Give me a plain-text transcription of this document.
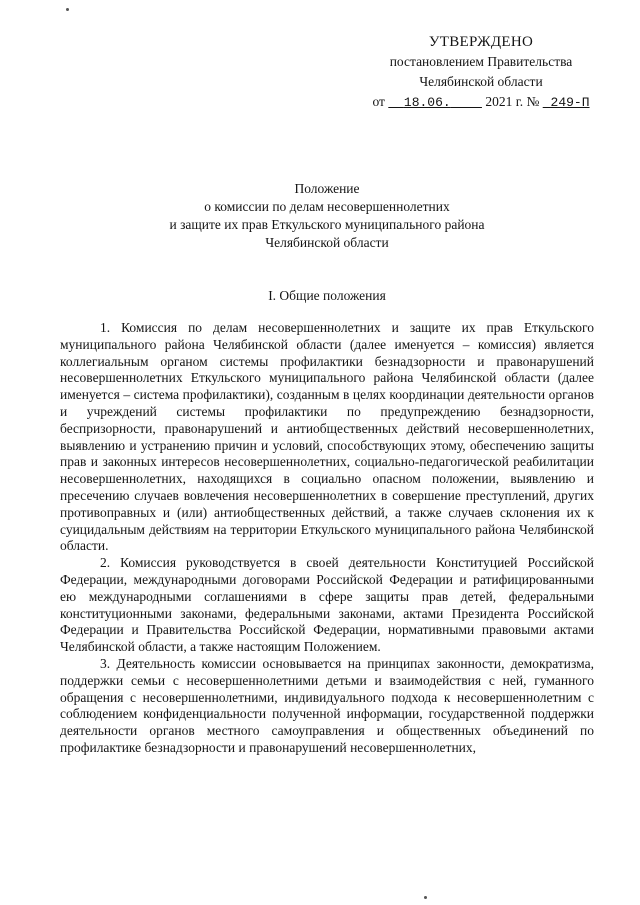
УТВЕРЖДЕНО
постановлением Правительства
Челябинской области
от 18.06.	2021 г. № 249-П
Положение
о комиссии по делам несовершеннолетних
и защите их прав Еткульского муниципального района
Челябинской области
I. Общие положения

1. Комиссия по делам несовершеннолетних и защите их прав Еткульского муниципального района Челябинской области (далее именуется – комиссия) является коллегиальным органом системы профилактики безнадзорности и правонарушений несовершеннолетних Еткульского муниципального района Челябинской области (далее именуется – система профилактики), созданным в целях координации деятельности органов и учреждений системы профилактики по предупреждению безнадзорности, беспризорности, правонарушений и антиобщественных действий несовершеннолетних, выявлению и устранению причин и условий, способствующих этому, обеспечению защиты прав и законных интересов несовершеннолетних, социально-педагогической реабилитации несовершеннолетних, находящихся в социально опасном положении, выявлению и пресечению случаев вовлечения несовершеннолетних в совершение преступлений, других противоправных и (или) антиобщественных действий, а также случаев склонения их к суицидальным действиям на территории Еткульского муниципального района Челябинской области.

2. Комиссия руководствуется в своей деятельности Конституцией Российской Федерации, международными договорами Российской Федерации и ратифицированными ею международными соглашениями в сфере защиты прав детей, федеральными конституционными законами, федеральными законами, актами Президента Российской Федерации и Правительства Российской Федерации, нормативными правовыми актами Челябинской области, а также настоящим Положением.

3. Деятельность комиссии основывается на принципах законности, демократизма, поддержки семьи с несовершеннолетними детьми и взаимодействия с ней, гуманного обращения с несовершеннолетними, индивидуального подхода к несовершеннолетним с соблюдением конфиденциальности полученной информации, государственной поддержки деятельности органов местного самоуправления и общественных объединений по профилактике безнадзорности и правонарушений несовершеннолетних,
